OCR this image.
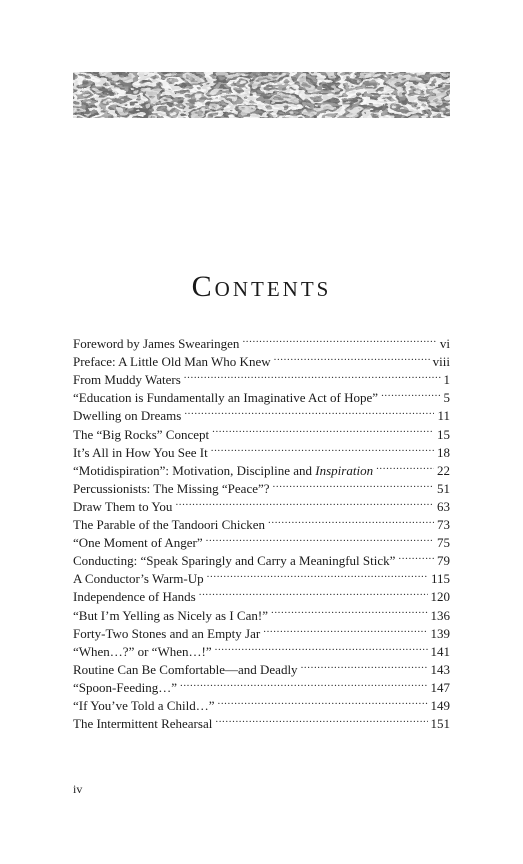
Contents
Foreword by James Swearingen .....	vi
Preface: A Little Old Man Who Knew .....	viii
From Muddy Waters .....	1
“Education is Fundamentally an Imaginative Act of Hope” .....	5
Dwelling on Dreams .....	11
The “Big Rocks” Concept .....	15
It’s All in How You See It .....	18
“Motidispiration”: Motivation, Discipline and Inspiration .....	22
Percussionists: The Missing “Peace”? .....	51
Draw Them to You .....	63
The Parable of the Tandoori Chicken .....	73
“One Moment of Anger” .....	75
Conducting: “Speak Sparingly and Carry a Meaningful Stick” .....	79
A Conductor’s Warm-Up .....	115
Independence of Hands .....	120
“But I’m Yelling as Nicely as I Can!” .....	136
Forty-Two Stones and an Empty Jar .....	139
“When…?” or “When…!” .....	141
Routine Can Be Comfortable—and Deadly .....	143
“Spoon-Feeding…” .....	147
“If You’ve Told a Child…” .....	149
The Intermittent Rehearsal .....	151
iv
